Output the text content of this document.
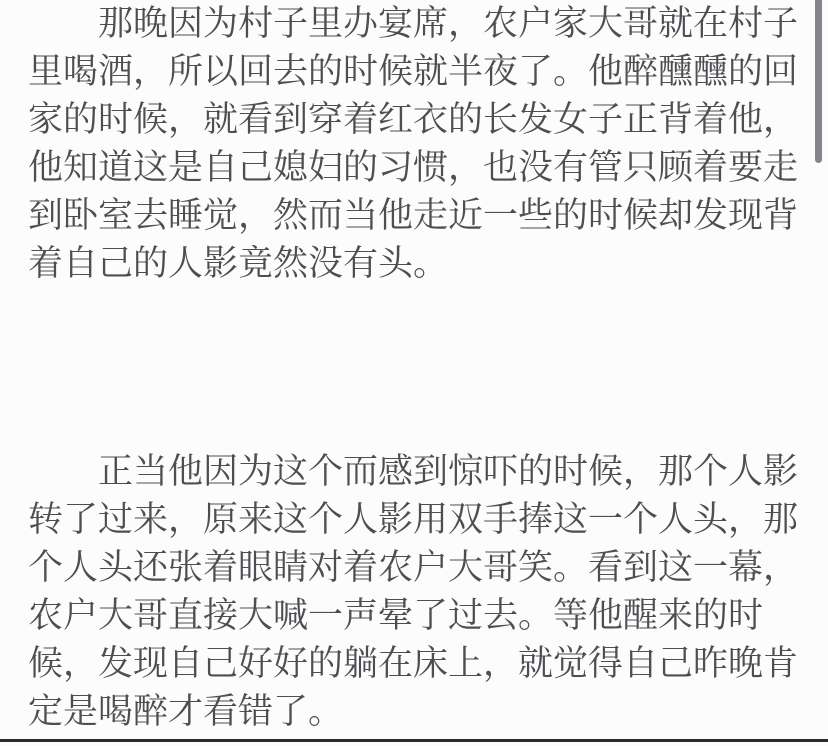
那晚因为村子里办宴席，农户家大哥就在村子
里喝酒，所以回去的时候就半夜了。他醉醺醺的回
家的时候，就看到穿着红衣的长发女子正背着他，
他知道这是自己媳妇的习惯，也没有管只顾着要走
到卧室去睡觉，然而当他走近一些的时候却发现背
着自己的人影竟然没有头。
正当他因为这个而感到惊吓的时候，那个人影
转了过来，原来这个人影用双手捧这一个人头，那
个人头还张着眼睛对着农户大哥笑。看到这一幕，
农户大哥直接大喊一声晕了过去。等他醒来的时
候，发现自己好好的躺在床上，就觉得自己昨晚肯
定是喝醉才看错了。
